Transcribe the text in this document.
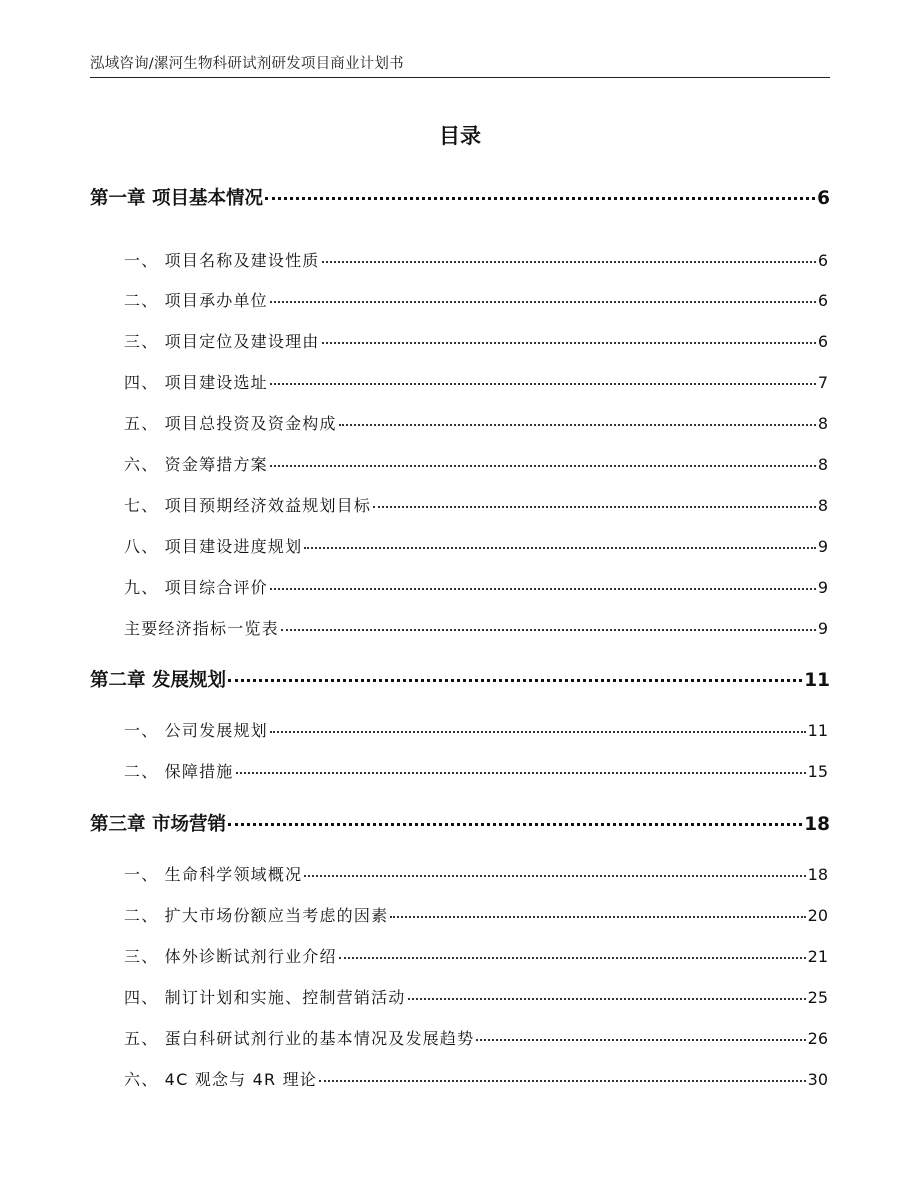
泓域咨询/漯河生物科研试剂研发项目商业计划书
目录
第一章 项目基本情况	6
一、 项目名称及建设性质	6
二、 项目承办单位	6
三、 项目定位及建设理由	6
四、 项目建设选址	7
五、 项目总投资及资金构成	8
六、 资金筹措方案	8
七、 项目预期经济效益规划目标	8
八、 项目建设进度规划	9
九、 项目综合评价	9
主要经济指标一览表	9
第二章 发展规划	11
一、 公司发展规划	11
二、 保障措施	15
第三章 市场营销	18
一、 生命科学领域概况	18
二、 扩大市场份额应当考虑的因素	20
三、 体外诊断试剂行业介绍	21
四、 制订计划和实施、控制营销活动	25
五、 蛋白科研试剂行业的基本情况及发展趋势	26
六、 4C 观念与 4R 理论	30
